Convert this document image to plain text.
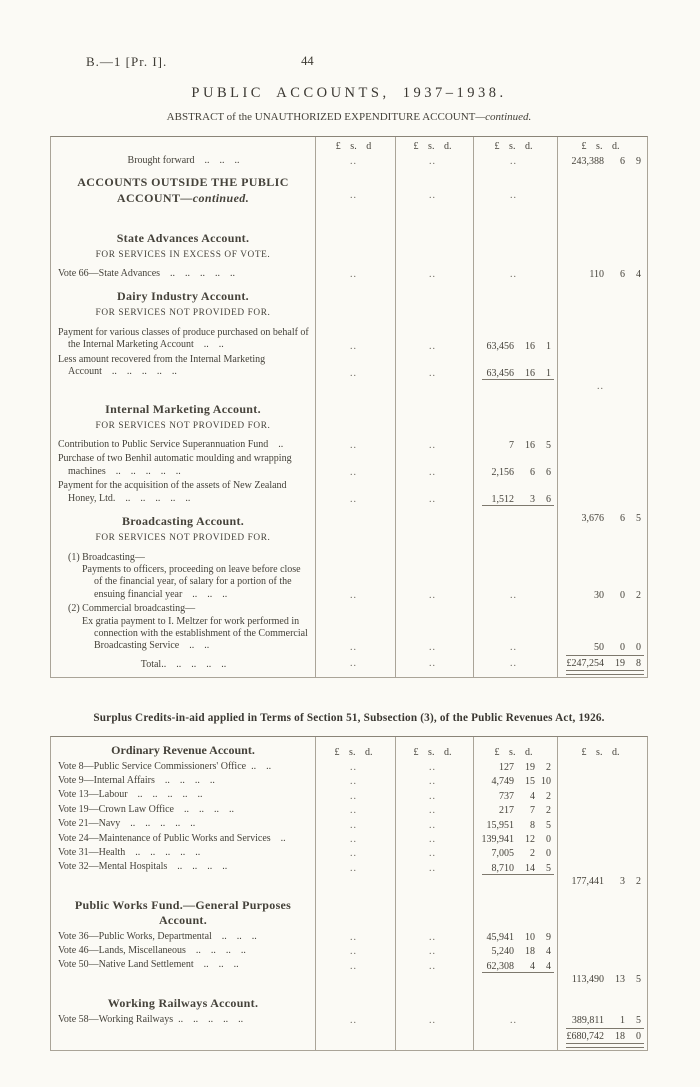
B.—1 [Pr. I].	44
PUBLIC ACCOUNTS, 1937–1938.
ABSTRACT of the UNAUTHORIZED EXPENDITURE ACCOUNT—continued.
£ s. d	£ s. d.	£ s. d.	£ s. d.
Brought forward  ..  ..  ..	..	..	..	243,388	6	9
ACCOUNTS OUTSIDE THE PUBLIC ACCOUNT—continued.	..	..	..
State Advances Account.
FOR SERVICES IN EXCESS OF VOTE.
Vote 66—State Advances  ..  ..  ..  ..  ..	..	..	..	110	6	4
Dairy Industry Account.
FOR SERVICES NOT PROVIDED FOR.
Payment for various classes of produce purchased on behalf of the Internal Marketing Account  ..  ..	..	..	63,456	16	1
Less amount recovered from the Internal Marketing Account  ..  ..  ..  ..  ..	..	..	63,456	16	1
..
Internal Marketing Account.
FOR SERVICES NOT PROVIDED FOR.
Contribution to Public Service Superannuation Fund  ..	..	..	7	16	5
Purchase of two Benhil automatic moulding and wrapping machines  ..  ..  ..  ..  ..	..	..	2,156	6	6
Payment for the acquisition of the assets of New Zealand Honey, Ltd.  ..  ..  ..  ..  ..	..	..	1,512	3	6
Broadcasting Account.	3,676	6	5
FOR SERVICES NOT PROVIDED FOR.
(1) Broadcasting—
Payments to officers, proceeding on leave before close of the financial year, of salary for a portion of the ensuing financial year  ..  ..  ..	..	..	..	30	0	2
(2) Commercial broadcasting—
Ex gratia payment to I. Meltzer for work performed in connection with the establishment of the Commercial Broadcasting Service  ..  ..	..	..	..	50	0	0
Total..  ..  ..  ..  ..	..	..	..	£247,254	19	8
Surplus Credits-in-aid applied in Terms of Section 51, Subsection (3), of the Public Revenues Act, 1926.
Ordinary Revenue Account.	£ s. d.	£ s. d.	£ s. d.	£ s. d.
Vote 8—Public Service Commissioners' Office ..  ..	..	..	127	19	2
Vote 9—Internal Affairs  ..  ..  ..  ..	..	..	4,749	15 10
Vote 13—Labour  ..  ..  ..  ..  ..	..	..	737	4	2
Vote 19—Crown Law Office  ..  ..  ..  ..	..	..	217	7	2
Vote 21—Navy  ..  ..  ..  ..  ..	..	..	15,951	8	5
Vote 24—Maintenance of Public Works and Services  ..	..	..	139,941	12	0
Vote 31—Health  ..  ..  ..  ..  ..	..	..	7,005	2	0
Vote 32—Mental Hospitals  ..  ..  ..  ..	..	..	8,710	14	5
177,441	3	2
Public Works Fund.—General Purposes Account.
Vote 36—Public Works, Departmental  ..  ..  ..	..	..	45,941	10	9
Vote 46—Lands, Miscellaneous  ..  ..  ..  ..	..	..	5,240	18	4
Vote 50—Native Land Settlement  ..  ..  ..	..	..	62,308	4	4
113,490	13	5
Working Railways Account.
Vote 58—Working Railways ..  ..  ..  ..  ..	..	..	..	389,811	1	5
£680,742	18	0
